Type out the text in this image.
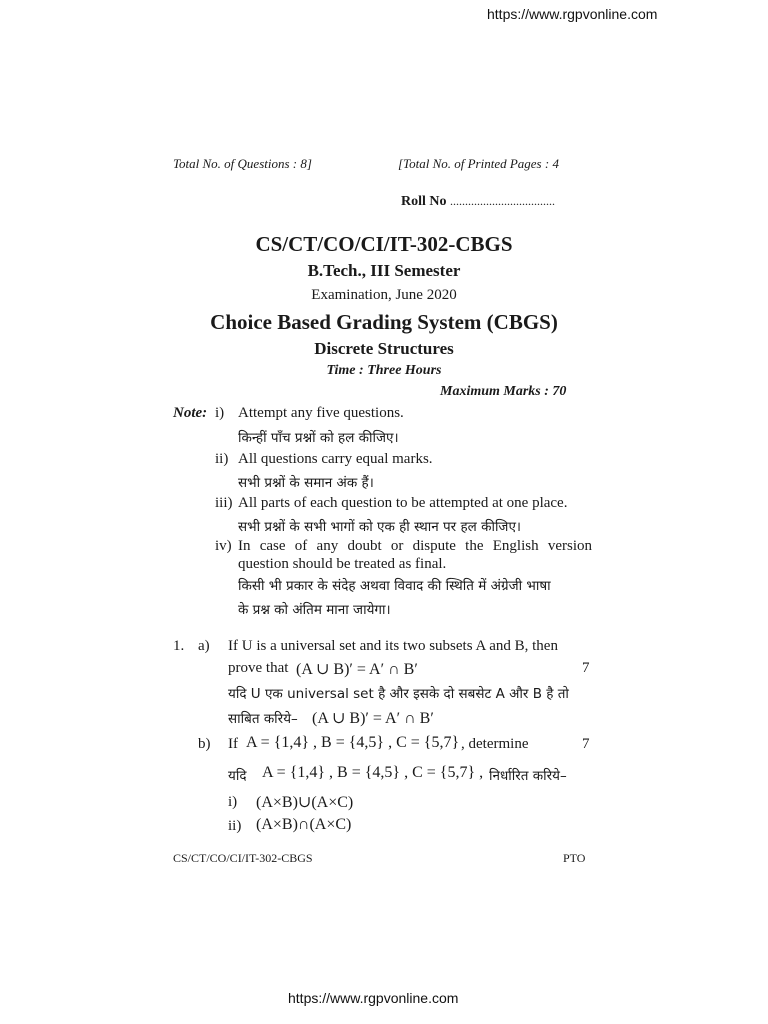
https://www.rgpvonline.com
Total No. of Questions : 8]	[Total No. of Printed Pages : 4
Roll No ...................................
CS/CT/CO/CI/IT-302-CBGS
B.Tech., III Semester
Examination, June 2020
Choice Based Grading System (CBGS)
Discrete Structures
Time : Three Hours
Maximum Marks : 70
Note: i) Attempt any five questions.
किन्हीं पाँच प्रश्नों को हल कीजिए।
ii) All questions carry equal marks.
सभी प्रश्नों के समान अंक हैं।
iii) All parts of each question to be attempted at one place.
सभी प्रश्नों के सभी भागों को एक ही स्थान पर हल कीजिए।
iv) In case of any doubt or dispute the English version
question should be treated as final.
किसी भी प्रकार के संदेह अथवा विवाद की स्थिति में अंग्रेजी भाषा
के प्रश्न को अंतिम माना जायेगा।
1. a) If U is a universal set and its two subsets A and B, then
prove that (A ∪ B)′ = A′ ∩ B′	7
यदि U एक universal set है और इसके दो सबसेट A और B है तो
साबित करिये– (A ∪ B)′ = A′ ∩ B′
b) If A = {1,4} , B = {4,5} , C = {5,7} , determine	7
यदि A = {1,4} , B = {4,5} , C = {5,7} , निर्धारित करिये–
i) (A×B)∪(A×C)
ii) (A×B)∩(A×C)
CS/CT/CO/CI/IT-302-CBGS	PTO
https://www.rgpvonline.com
